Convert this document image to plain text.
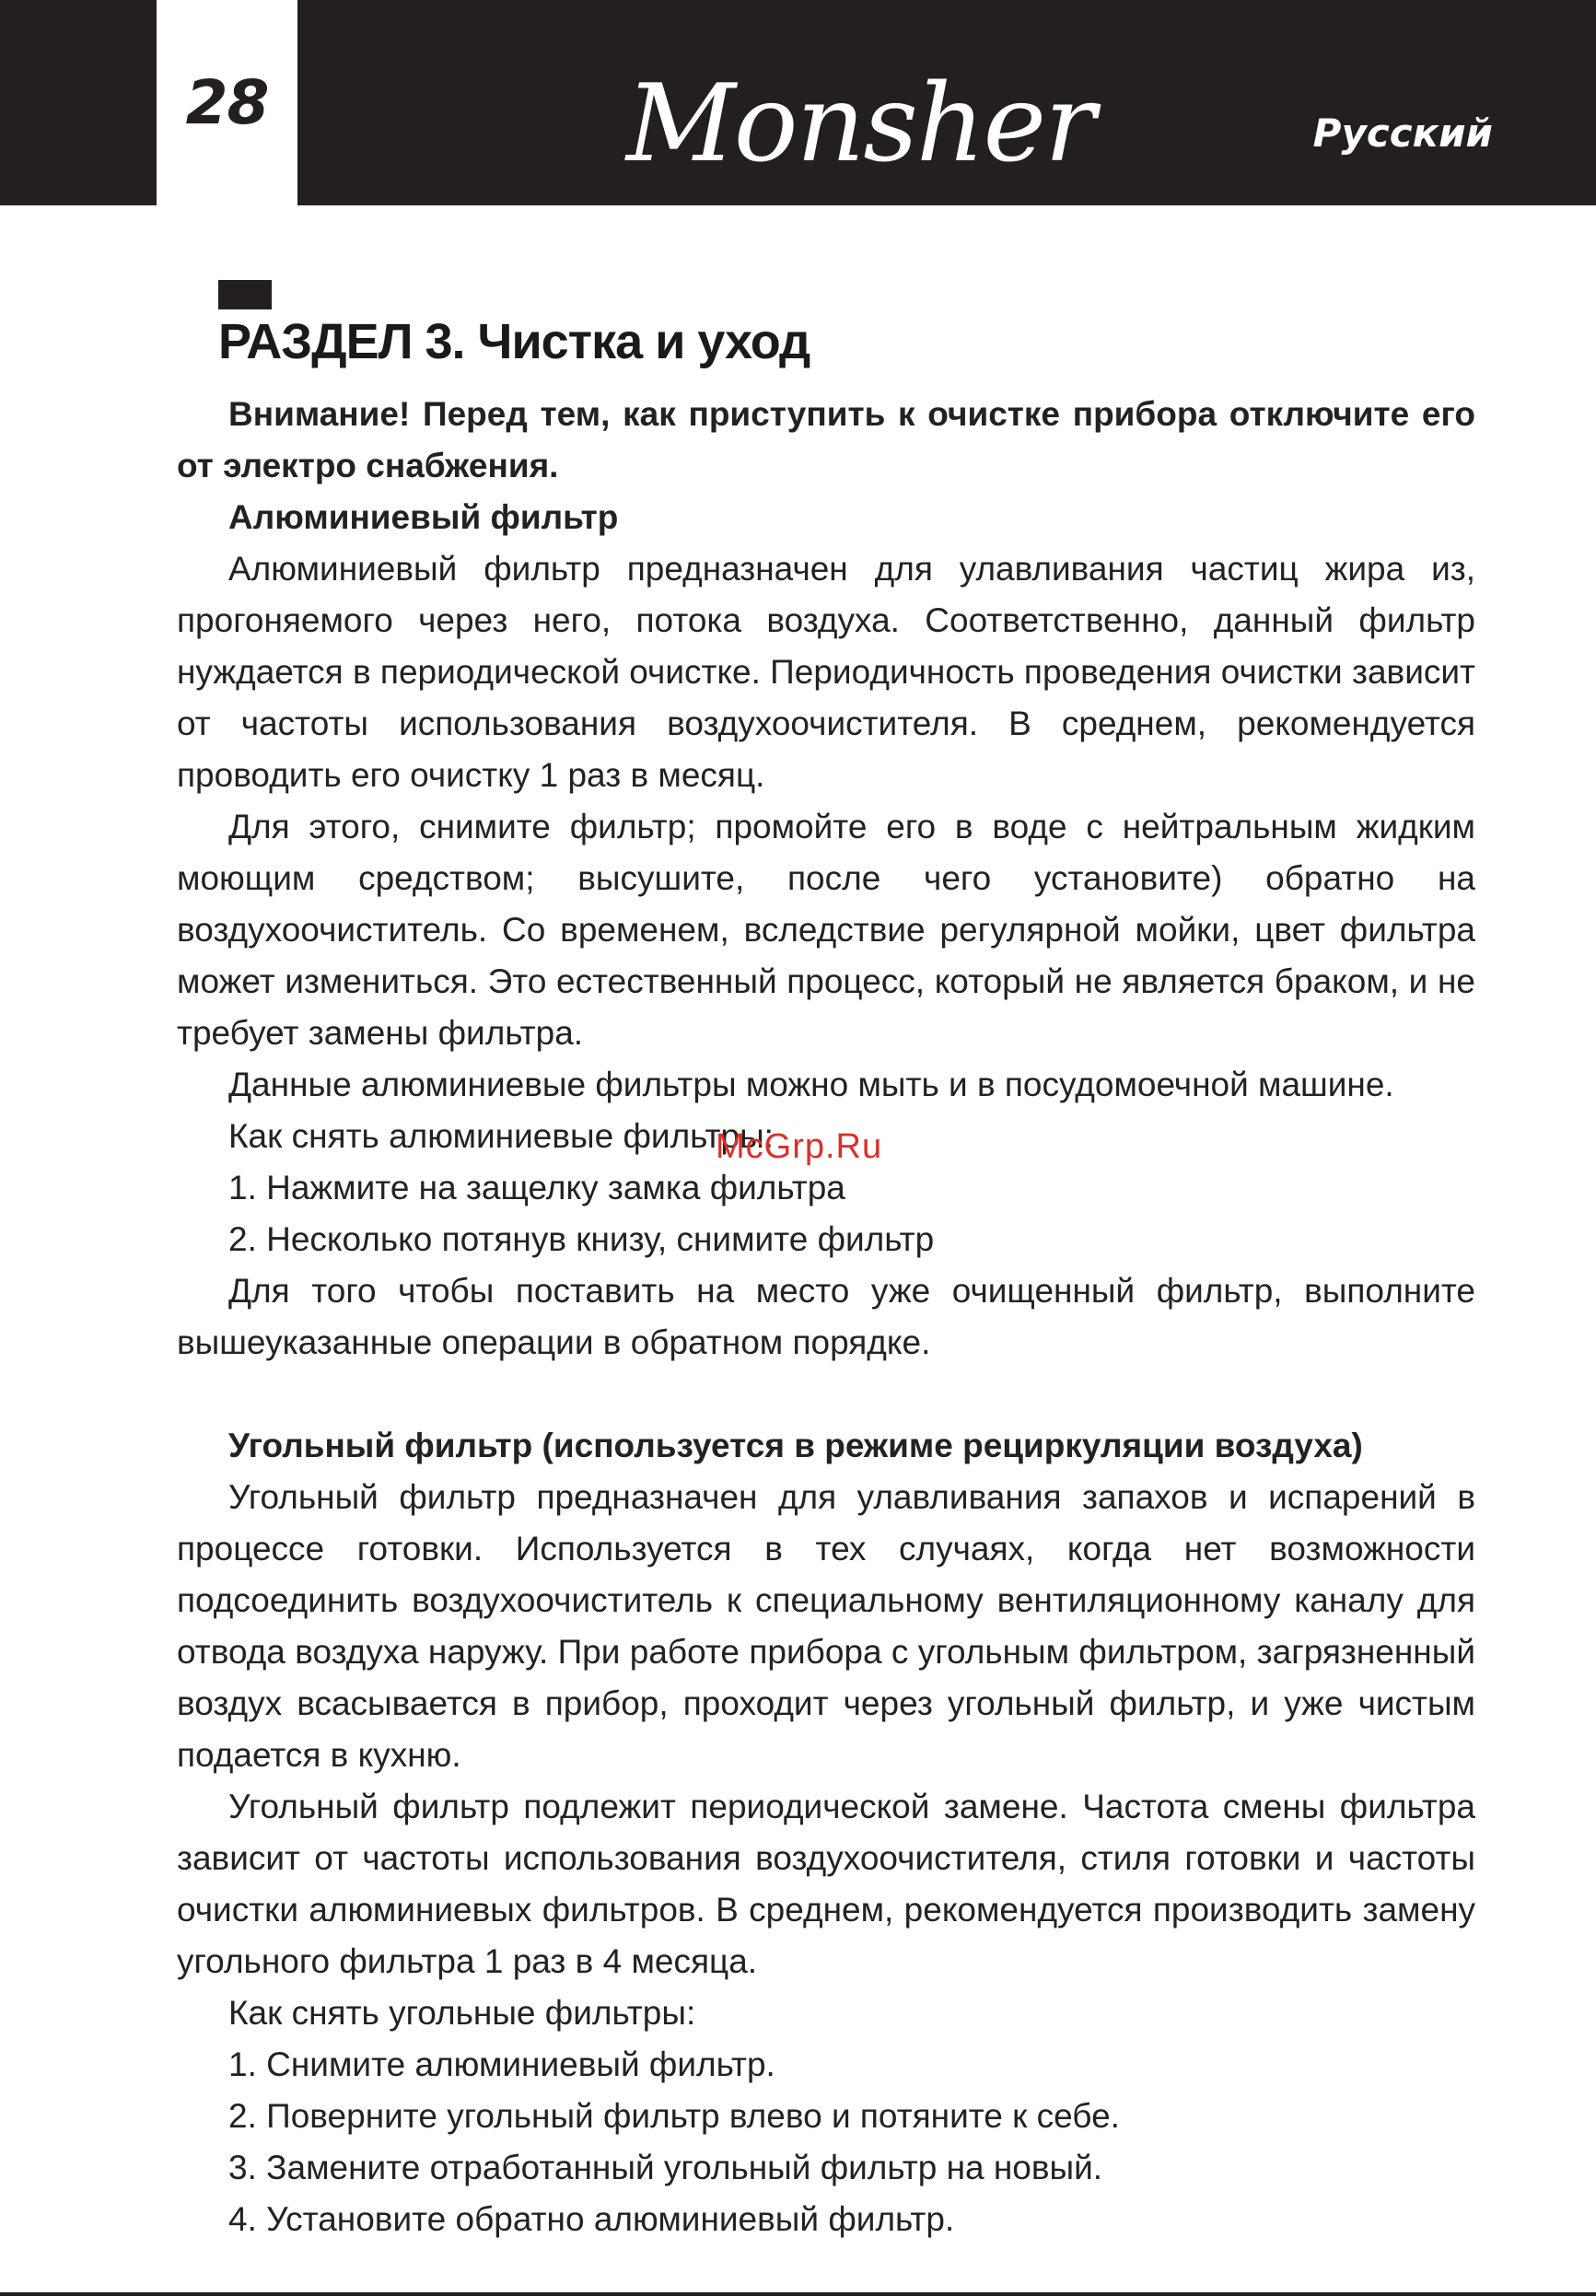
28	Monsher	Русский
РАЗДЕЛ 3. Чистка и уход

Внимание! Перед тем, как приступить к очистке прибора отключите его от электро снабжения.

Алюминиевый фильтр

Алюминиевый фильтр предназначен для улавливания частиц жира из, прогоняемого через него, потока воздуха. Соответственно, данный фильтр нуждается в периодической очистке. Периодичность проведения очистки зависит от частоты использования воздухоочистителя. В среднем, рекомендуется проводить его очистку 1 раз в месяц.

Для этого, снимите фильтр; промойте его в воде с нейтральным жидким моющим средством; высушите, после чего установите) обратно на воздухоочиститель. Со временем, вследствие регулярной мойки, цвет фильтра может измениться. Это естественный процесс, который не является браком, и не требует замены фильтра.

Данные алюминиевые фильтры можно мыть и в посудомоечной машине.

Как снять алюминиевые фильтры:

1. Нажмите на защелку замка фильтра

2. Несколько потянув книзу, снимите фильтр

Для того чтобы поставить на место уже очищенный фильтр, выполните вышеуказанные операции в обратном порядке.

Угольный фильтр (используется в режиме рециркуляции воздуха)

Угольный фильтр предназначен для улавливания запахов и испарений в процессе готовки. Используется в тех случаях, когда нет возможности подсоединить воздухоочиститель к специальному вентиляционному каналу для отвода воздуха наружу. При работе прибора с угольным фильтром, загрязненный воздух всасывается в прибор, проходит через угольный фильтр, и уже чистым подается в кухню.

Угольный фильтр подлежит периодической замене. Частота смены фильтра зависит от частоты использования воздухоочистителя, стиля готовки и частоты очистки алюминиевых фильтров. В среднем, рекомендуется производить замену угольного фильтра 1 раз в 4 месяца.

Как снять угольные фильтры:

1. Снимите алюминиевый фильтр.

2. Поверните угольный фильтр влево и потяните к себе.

3. Замените отработанный угольный фильтр на новый.

4. Установите обратно алюминиевый фильтр.

McGrp.Ru
